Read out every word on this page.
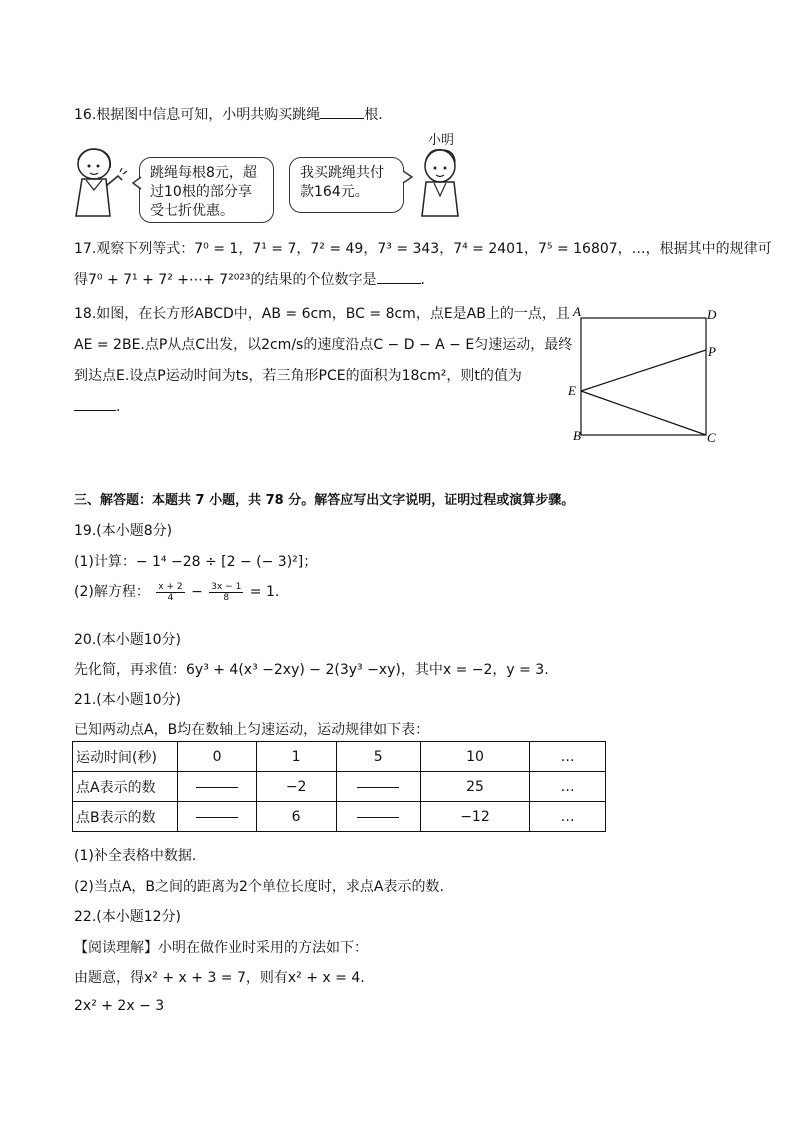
16.根据图中信息可知，小明共购买跳绳	根.
小明
跳绳每根8元，超过10根的部分享受七折优惠。
我买跳绳共付款164元。
17.观察下列等式：7⁰ = 1，7¹ = 7，7² = 49，7³ = 343，7⁴ = 2401，7⁵ = 16807，…，根据其中的规律可
得7⁰ + 7¹ + 7² +⋯+ 7²⁰²³的结果的个位数字是	.
18.如图，在长方形ABCD中，AB = 6cm，BC = 8cm，点E是AB上的一点，且
AE = 2BE.点P从点C出发，以2cm/s的速度沿点C − D − A − E匀速运动，最终
到达点E.设点P运动时间为ts，若三角形PCE的面积为18cm²，则t的值为
.
A	D
P
E
B	C
三、解答题：本题共 7 小题，共 78 分。解答应写出文字说明，证明过程或演算步骤。
19.(本小题8分)
(1)计算：− 1⁴ −28 ÷ [2 − (− 3)²]；
(2)解方程： $\frac{x + 2}{4} - \frac{3x - 1}{8} = 1$.
20.(本小题10分)
先化简，再求值：6y³ + 4(x³ −2xy) − 2(3y³ −xy)，其中x = −2，y = 3.
21.(本小题10分)
已知两动点A，B均在数轴上匀速运动，运动规律如下表：
运动时间(秒)	0	1	5	10	…
点A表示的数		−2		25	…
点B表示的数		6		−12	…
(1)补全表格中数据.
(2)当点A，B之间的距离为2个单位长度时，求点A表示的数.
22.(本小题12分)
【阅读理解】小明在做作业时采用的方法如下：
由题意，得x² + x + 3 = 7，则有x² + x = 4.
2x² + 2x − 3
